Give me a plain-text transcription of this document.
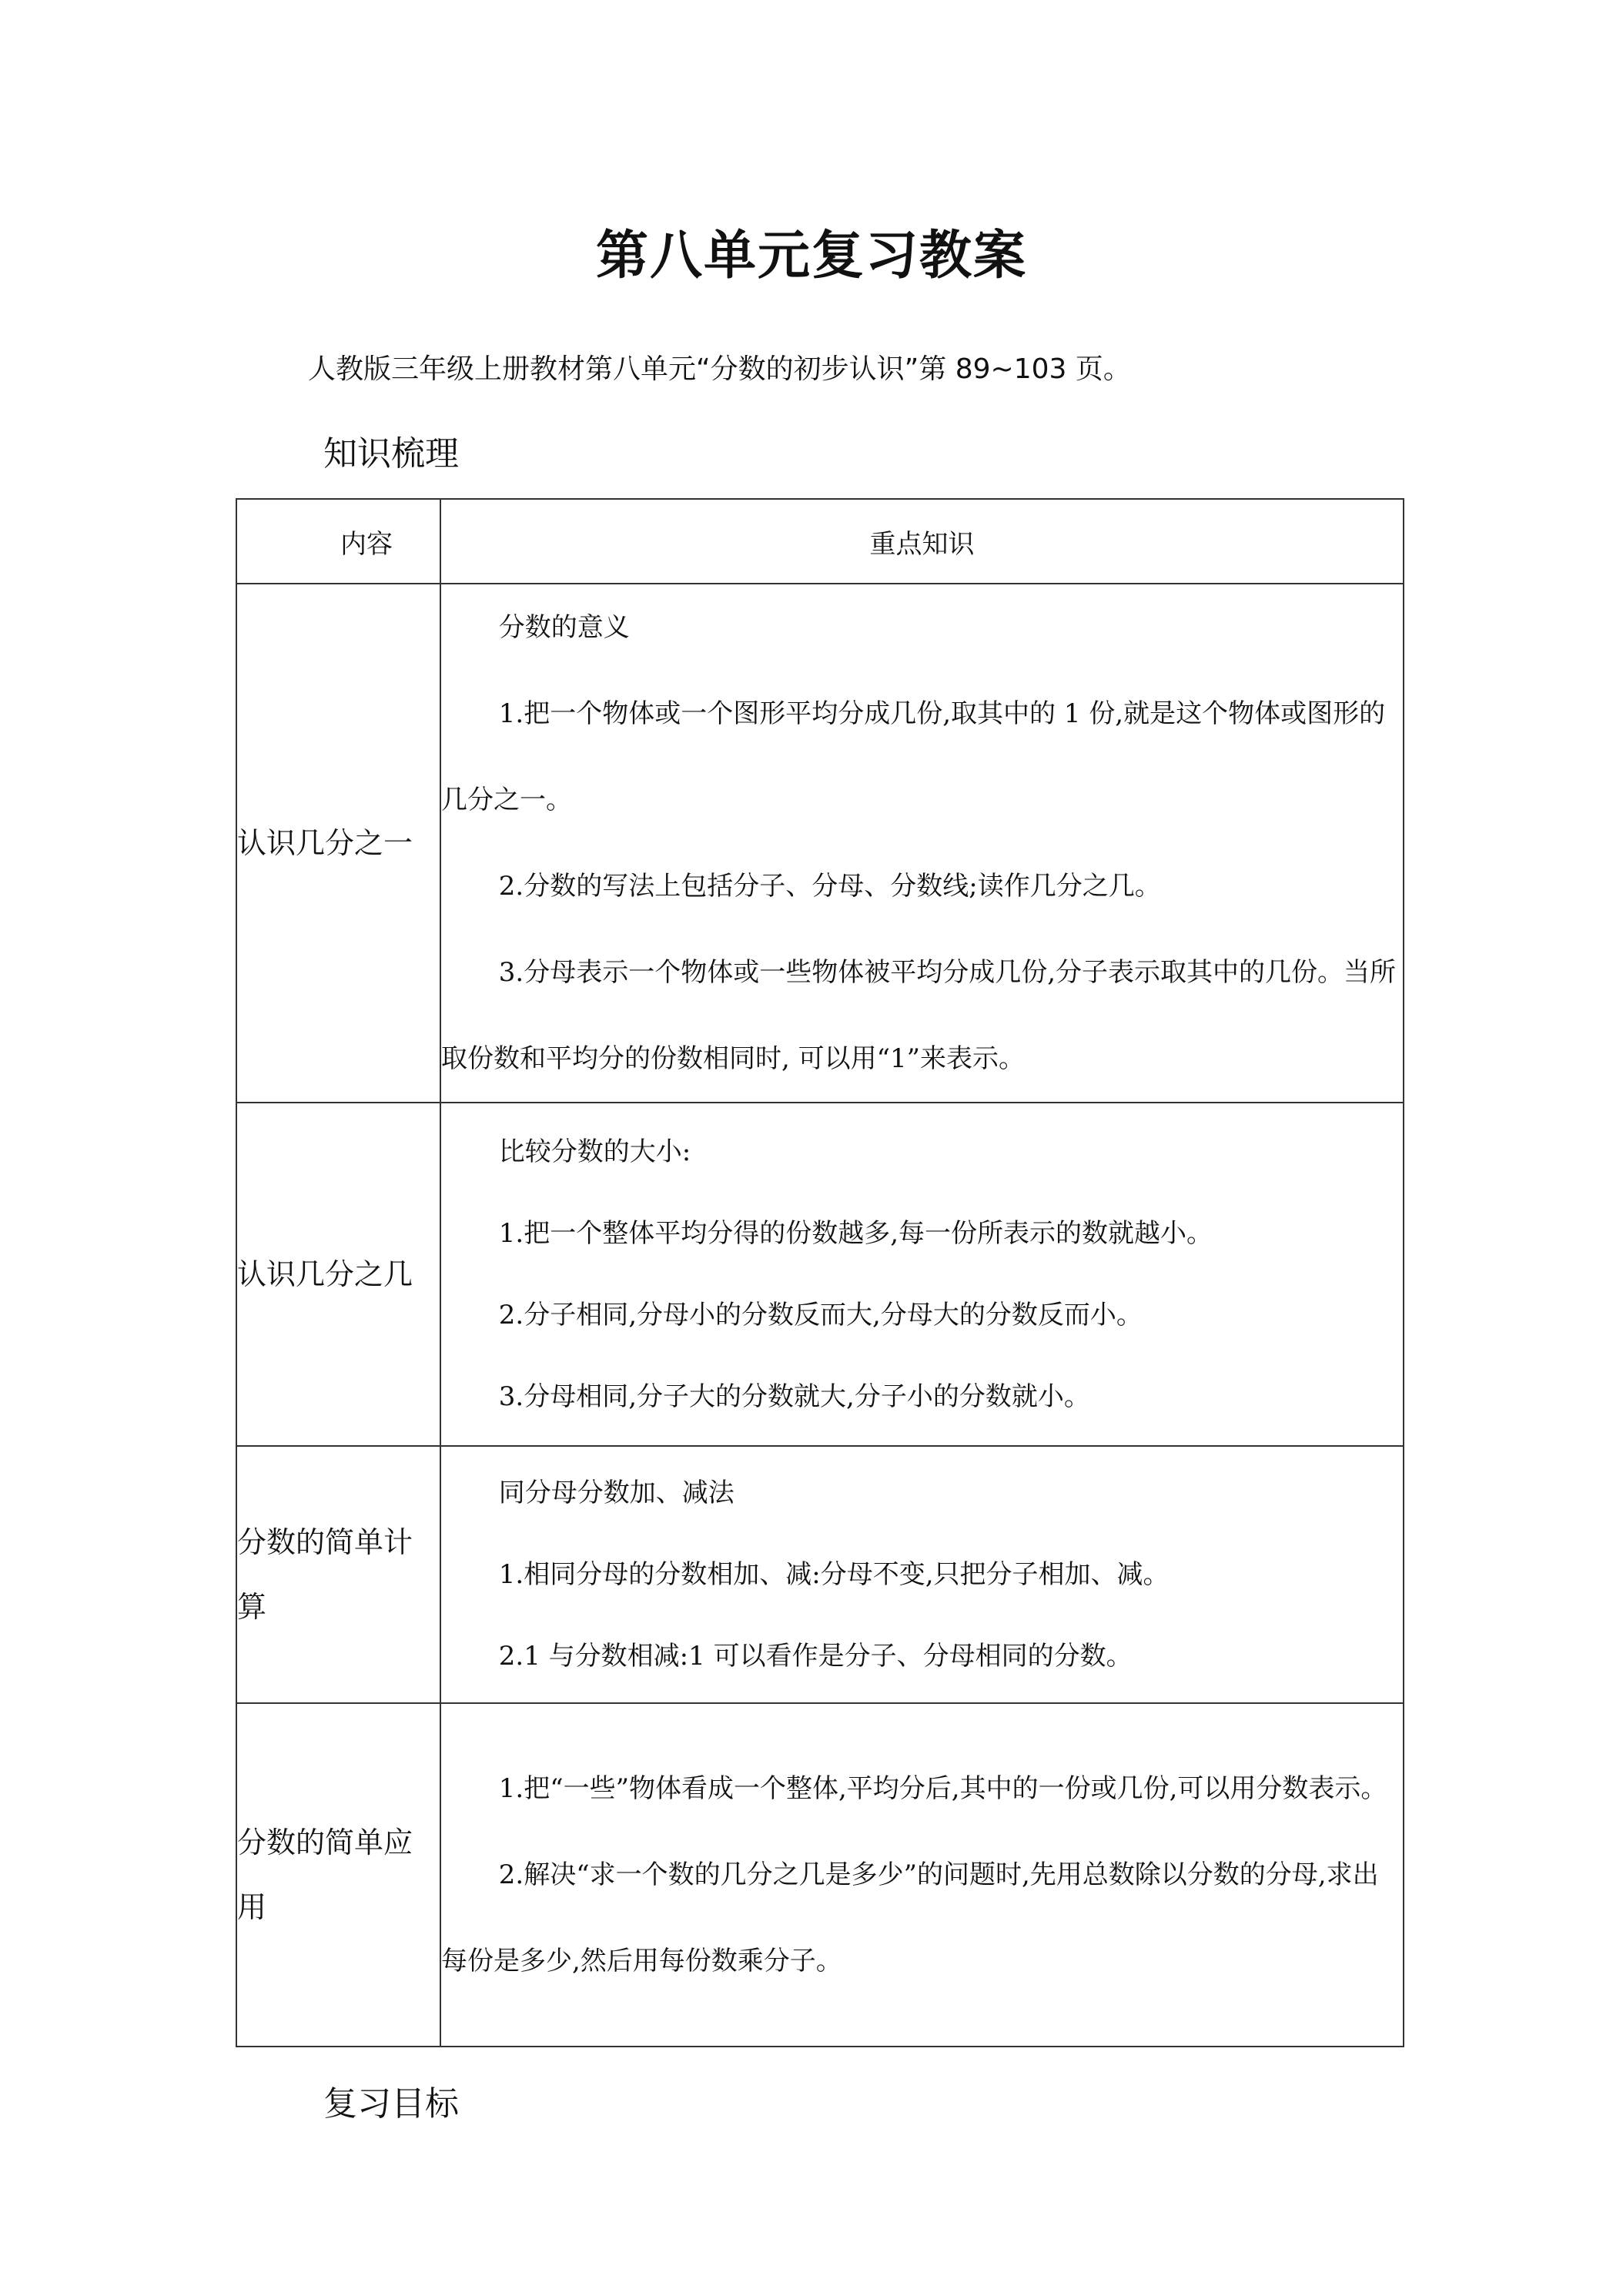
第八单元复习教案
人教版三年级上册教材第八单元“分数的初步认识”第 89~103 页。
知识梳理
内容	重点知识
认识几分之一	分数的意义

1.把一个物体或一个图形平均分成几份,取其中的 1 份,就是这个物体或图形的几分之一。

2.分数的写法上包括分子、分母、分数线;读作几分之几。

3.分母表示一个物体或一些物体被平均分成几份,分子表示取其中的几份。当所取份数和平均分的份数相同时, 可以用“1”来表示。

认识几分之几	比较分数的大小:

1.把一个整体平均分得的份数越多,每一份所表示的数就越小。

2.分子相同,分母小的分数反而大,分母大的分数反而小。

3.分母相同,分子大的分数就大,分子小的分数就小。

分数的简单计算	同分母分数加、减法

1.相同分母的分数相加、减:分母不变,只把分子相加、减。

2.1 与分数相减:1 可以看作是分子、分母相同的分数。

分数的简单应用	1.把“一些”物体看成一个整体,平均分后,其中的一份或几份,可以用分数表示。

2.解决“求一个数的几分之几是多少”的问题时,先用总数除以分数的分母,求出每份是多少,然后用每份数乘分子。

复习目标
